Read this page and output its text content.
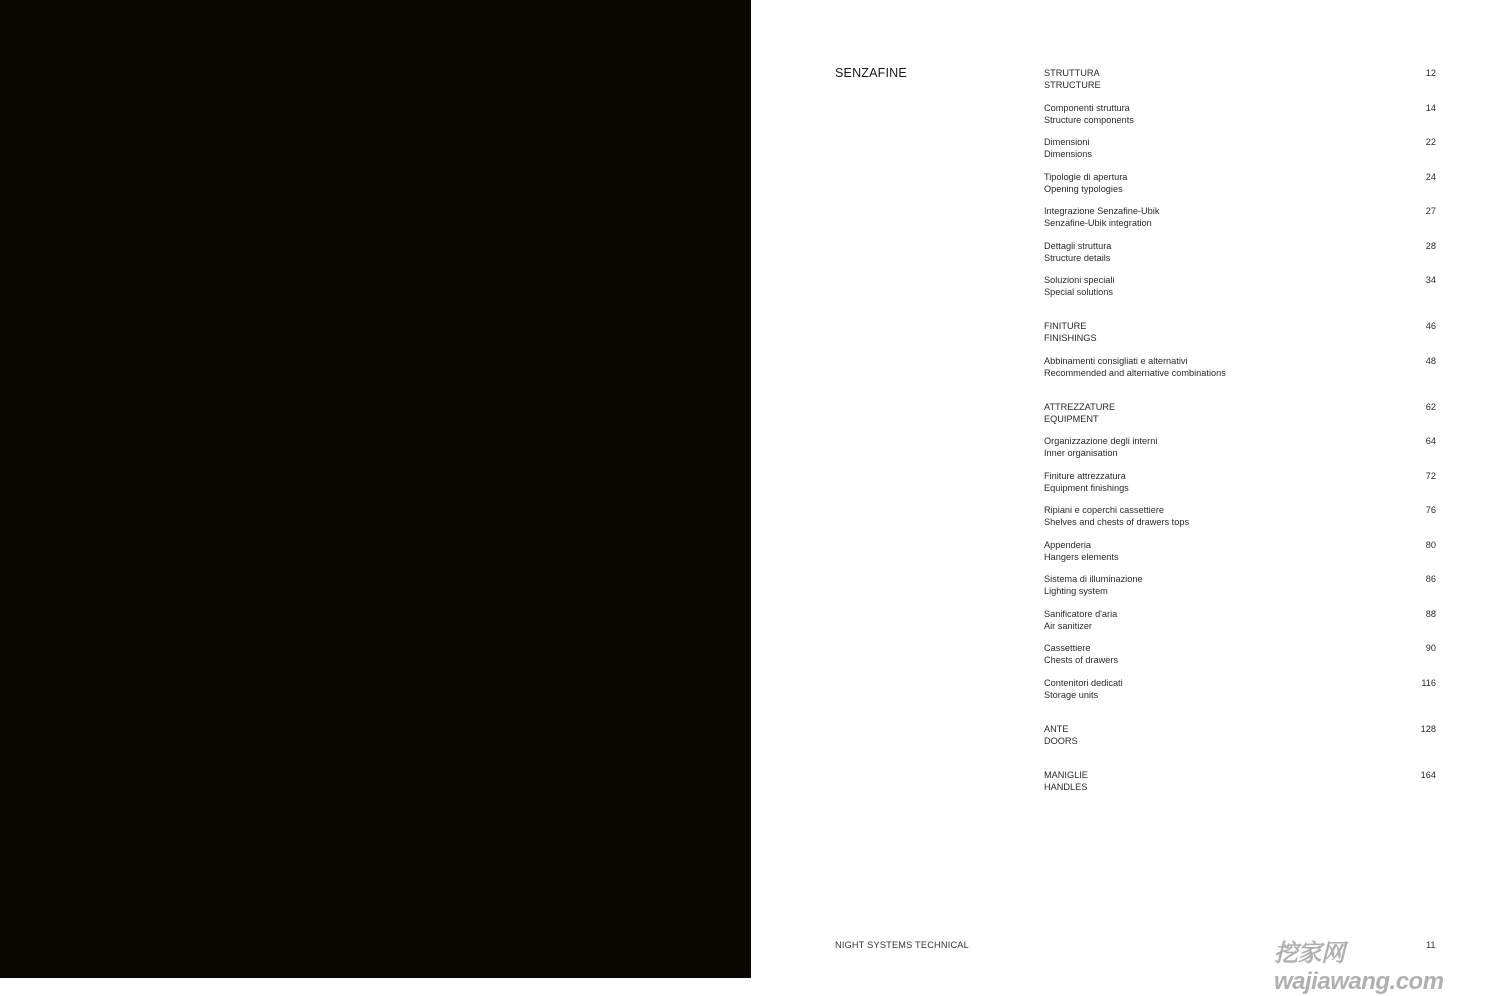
SENZAFINE	STRUTTURA
STRUCTURE
12
Componenti struttura
Structure components
14
Dimensioni
Dimensions
22
Tipologie di apertura
Opening typologies
24
Integrazione Senzafine-Ubik
Senzafine-Ubik integration
27
Dettagli struttura
Structure details
28
Soluzioni speciali
Special solutions
34
FINITURE
FINISHINGS
46
Abbinamenti consigliati e alternativi
Recommended and alternative combinations
48
ATTREZZATURE
EQUIPMENT
62
Organizzazione degli interni
Inner organisation
64
Finiture attrezzatura
Equipment finishings
72
Ripiani e coperchi cassettiere
Shelves and chests of drawers tops
76
Appenderia
Hangers elements
80
Sistema di illuminazione
Lighting system
86
Sanificatore d'aria
Air sanitizer
88
Cassettiere
Chests of drawers
90
Contenitori dedicati
Storage units
116
ANTE
DOORS
128
MANIGLIE
HANDLES
164
NIGHT SYSTEMS TECHNICAL	11
挖家网 wajiawang.com
